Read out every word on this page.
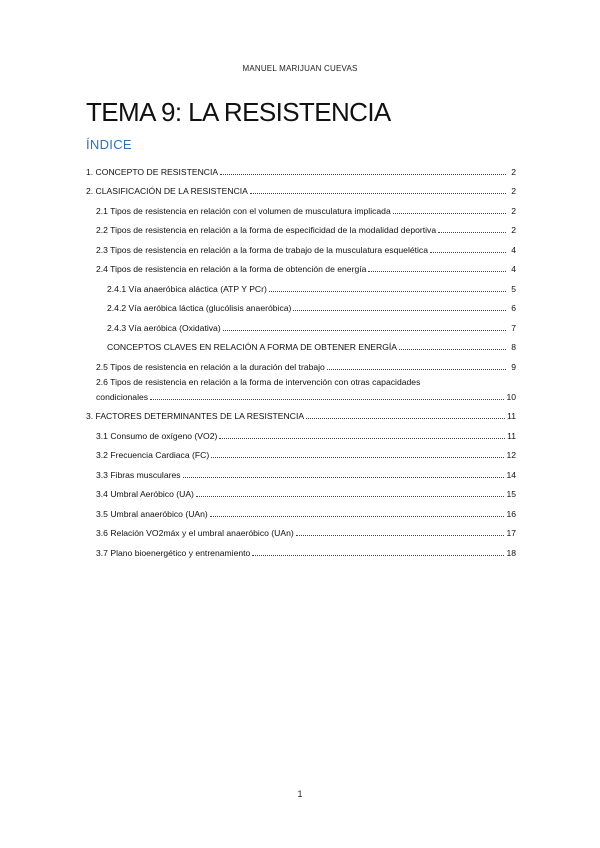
MANUEL MARIJUAN CUEVAS
TEMA 9: LA RESISTENCIA
ÍNDICE
1. CONCEPTO DE RESISTENCIA	2
2. CLASIFICACIÓN DE LA RESISTENCIA	2
2.1 Tipos de resistencia en relación con el volumen de musculatura implicada	2
2.2 Tipos de resistencia en relación a la forma de especificidad de la modalidad deportiva	2
2.3 Tipos de resistencia en relación a la forma de trabajo de la musculatura esquelética	4
2.4 Tipos de resistencia en relación a la forma de obtención de energía	4
2.4.1 Vía anaeróbica aláctica (ATP Y PCr)	5
2.4.2 Vía aeróbica láctica (glucólisis anaeróbica)	6
2.4.3 Vía aeróbica (Oxidativa)	7
CONCEPTOS CLAVES EN RELACIÓN A FORMA DE OBTENER ENERGÍA	8
2.5 Tipos de resistencia en relación a la duración del trabajo	9
2.6 Tipos de resistencia en relación a la forma de intervención con otras capacidades
condicionales	10
3. FACTORES DETERMINANTES DE LA RESISTENCIA	11
3.1 Consumo de oxígeno (VO2)	11
3.2 Frecuencia Cardiaca (FC)	12
3.3 Fibras musculares	14
3.4 Umbral Aeróbico (UA)	15
3.5 Umbral anaeróbico (UAn)	16
3.6 Relación VO2máx y el umbral anaeróbico (UAn)	17
3.7 Plano bioenergético y entrenamiento	18
1
